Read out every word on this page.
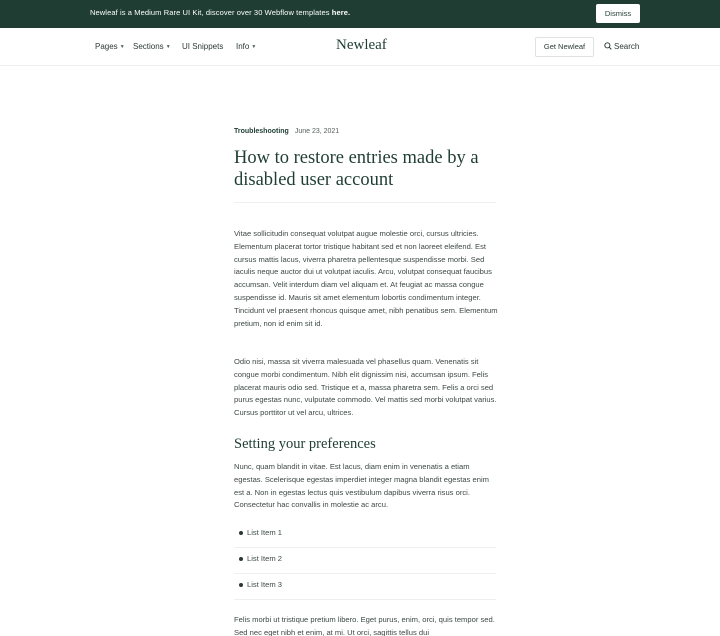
Newleaf is a Medium Rare UI Kit, discover over 30 Webflow templates here.	Dismiss
Pages ▼ Sections ▼ UI Snippets Info ▼	Newleaf	Get Newleaf	Search
Troubleshooting June 23, 2021
How to restore entries made by a disabled user account

Vitae sollicitudin consequat volutpat augue molestie orci, cursus ultricies. Elementum placerat tortor tristique habitant sed et non laoreet eleifend. Est cursus mattis lacus, viverra pharetra pellentesque suspendisse morbi. Sed iaculis neque auctor dui ut volutpat iaculis. Arcu, volutpat consequat faucibus accumsan. Velit interdum diam vel aliquam et. At feugiat ac massa congue suspendisse id. Mauris sit amet elementum lobortis condimentum integer. Tincidunt vel praesent rhoncus quisque amet, nibh penatibus sem. Elementum pretium, non id enim sit id.

Odio nisi, massa sit viverra malesuada vel phasellus quam. Venenatis sit congue morbi condimentum. Nibh elit dignissim nisi, accumsan ipsum. Felis placerat mauris odio sed. Tristique et a, massa pharetra sem. Felis a orci sed purus egestas nunc, vulputate commodo. Vel mattis sed morbi volutpat varius. Cursus porttitor ut vel arcu, ultrices.

Setting your preferences

Nunc, quam blandit in vitae. Est lacus, diam enim in venenatis a etiam egestas. Scelerisque egestas imperdiet integer magna blandit egestas enim est a. Non in egestas lectus quis vestibulum dapibus viverra risus orci. Consectetur hac convallis in molestie ac arcu.

List Item 1
List Item 2
List Item 3

Felis morbi ut tristique pretium libero. Eget purus, enim, orci, quis tempor sed. Sed nec eget nibh et enim, at mi. Ut orci, sagittis tellus dui
